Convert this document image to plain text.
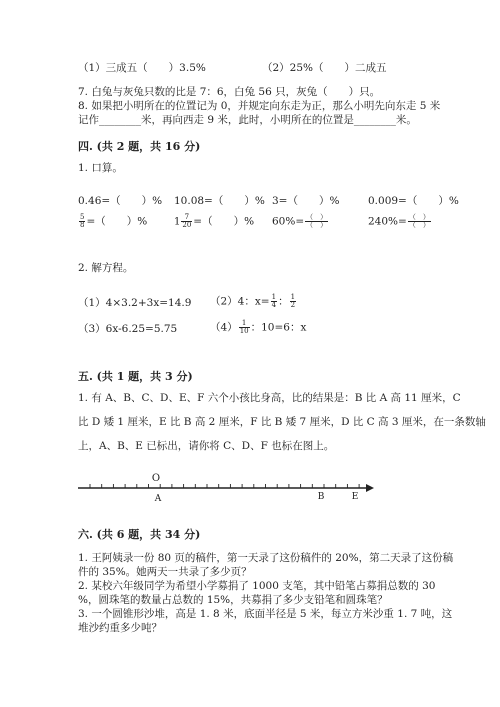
（1）三成五（　　）3.5%	（2）25%（　　）二成五
7. 白兔与灰兔只数的比是 7：6，白兔 56 只，灰兔（　　）只。
8. 如果把小明所在的位置记为 0，并规定向东走为正，那么小明先向东走 5 米
记作________米，再向西走 9 米，此时，小明所在的位置是________米。
四. (共 2 题，共 16 分)
1. 口算。
0.46=（　　）% 10.08=（　　）% 3=（　　）%	0.009=（　　）%
$\frac{5}{8}$ =（　　）%	$1 \frac{7}{20}$ =（　　）% $60\%= \frac{( )}{( )}$	$240\%= \frac{( )}{( )}$
2. 解方程。
（1）4×3.2+3x=14.9 （2）4：$x= \frac{1}{4}$ ： $\frac{1}{2}$
（3）6x-6.25=5.75	$(4) \frac{1}{10}$ ：10=6：x
五. (共 1 题，共 3 分)
1. 有 A、B、C、D、E、F 六个小孩比身高，比的结果是：B 比 A 高 11 厘米，C
比 D 矮 1 厘米，E 比 B 高 2 厘米，F 比 B 矮 7 厘米，D 比 C 高 3 厘米，在一条数轴
上，A、B、E 已标出，请你将 C、D、F 也标在图上。
O
A	B	E
六. (共 6 题，共 34 分)
1. 王阿姨录一份 80 页的稿件，第一天录了这份稿件的 20%，第二天录了这份稿
件的 35%。她两天一共录了多少页？
2. 某校六年级同学为希望小学募捐了 1000 支笔，其中铅笔占募捐总数的 30
%，圆珠笔的数量占总数的 15%，共募捐了多少支铅笔和圆珠笔？
3. 一个圆锥形沙堆，高是 1. 8 米，底面半径是 5 米，每立方米沙重 1. 7 吨，这
堆沙约重多少吨？
